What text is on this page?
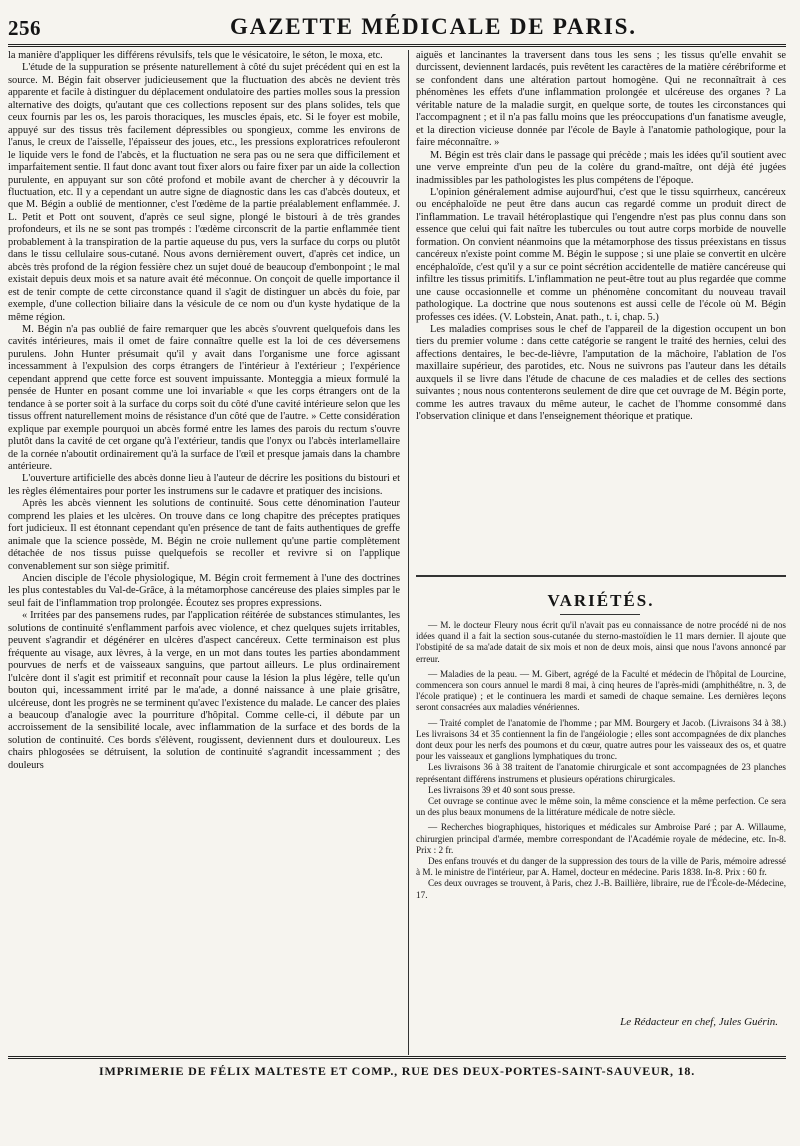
256	GAZETTE MÉDICALE DE PARIS.

la manière d'appliquer les différens révulsifs, tels que le vésicatoire, le séton, le moxa, etc.

L'étude de la suppuration se présente naturellement à côté du sujet précédent qui en est la source. M. Bégin fait observer judicieusement que la fluctuation des abcès ne devient très apparente et facile à distinguer du déplacement ondulatoire des parties molles sous la pression alternative des doigts, qu'autant que ces collections reposent sur des plans solides, tels que ceux fournis par les os, les parois thoraciques, les muscles épais, etc. Si le foyer est mobile, appuyé sur des tissus très facilement dépressibles ou spongieux, comme les environs de l'anus, le creux de l'aisselle, l'épaisseur des joues, etc., les pressions exploratrices refouleront le liquide vers le fond de l'abcès, et la fluctuation ne sera pas ou ne sera que difficilement et imparfaitement sentie. Il faut donc avant tout fixer alors ou faire fixer par un aide la collection purulente, en appuyant sur son côté profond et mobile avant de chercher à y découvrir la fluctuation, etc. Il y a cependant un autre signe de diagnostic dans les cas d'abcès douteux, et que M. Bégin a oublié de mentionner, c'est l'œdème de la partie préalablement enflammée. J. L. Petit et Pott ont souvent, d'après ce seul signe, plongé le bistouri à de très grandes profondeurs, et ils ne se sont pas trompés : l'œdème circonscrit de la partie enflammée tient probablement à la transpiration de la partie aqueuse du pus, vers la surface du corps ou plutôt dans le tissu cellulaire sous-cutané. Nous avons dernièrement ouvert, d'après cet indice, un abcès très profond de la région fessière chez un sujet doué de beaucoup d'embonpoint ; le mal existait depuis deux mois et sa nature avait été méconnue. On conçoit de quelle importance il est de tenir compte de cette circonstance quand il s'agit de distinguer un abcès du foie, par exemple, d'une collection biliaire dans la vésicule de ce nom ou d'un kyste hydatique de la même région.

M. Bégin n'a pas oublié de faire remarquer que les abcès s'ouvrent quelquefois dans les cavités intérieures, mais il omet de faire connaître quelle est la loi de ces déversemens purulens. John Hunter présumait qu'il y avait dans l'organisme une force agissant incessamment à l'expulsion des corps étrangers de l'intérieur à l'extérieur ; l'expérience cependant apprend que cette force est souvent impuissante. Monteggia a mieux formulé la pensée de Hunter en posant comme une loi invariable « que les corps étrangers ont de la tendance à se porter soit à la surface du corps soit du côté d'une cavité intérieure selon que les tissus offrent naturellement moins de résistance d'un côté que de l'autre. » Cette considération explique par exemple pourquoi un abcès formé entre les lames des parois du rectum s'ouvre plutôt dans la cavité de cet organe qu'à l'extérieur, tandis que l'onyx ou l'abcès interlamellaire de la cornée n'aboutit ordinairement qu'à la surface de l'œil et presque jamais dans la chambre antérieure.

L'ouverture artificielle des abcès donne lieu à l'auteur de décrire les positions du bistouri et les règles élémentaires pour porter les instrumens sur le cadavre et pratiquer des incisions.

Après les abcès viennent les solutions de continuité. Sous cette dénomination l'auteur comprend les plaies et les ulcères. On trouve dans ce long chapitre des préceptes pratiques fort judicieux. Il est étonnant cependant qu'en présence de tant de faits authentiques de greffe animale que la science possède, M. Bégin ne croie nullement qu'une partie complètement détachée de nos tissus puisse quelquefois se recoller et revivre si on l'applique convenablement sur son siège primitif.

Ancien disciple de l'école physiologique, M. Bégin croit fermement à l'une des doctrines les plus contestables du Val-de-Grâce, à la métamorphose cancéreuse des plaies simples par le seul fait de l'inflammation trop prolongée. Écoutez ses propres expressions.

« Irritées par des pansemens rudes, par l'application réitérée de substances stimulantes, les solutions de continuité s'enflamment parfois avec violence, et chez quelques sujets irritables, peuvent s'agrandir et dégénérer en ulcères d'aspect cancéreux. Cette terminaison est plus fréquente au visage, aux lèvres, à la verge, en un mot dans toutes les parties abondamment pourvues de nerfs et de vaisseaux sanguins, que partout ailleurs. Le plus ordinairement l'ulcère dont il s'agit est primitif et reconnaît pour cause la lésion la plus légère, telle qu'un bouton qui, incessamment irrité par le ma'ade, a donné naissance à une plaie grisâtre, ulcéreuse, dont les progrès ne se terminent qu'avec l'existence du malade. Le cancer des plaies a beaucoup d'analogie avec la pourriture d'hôpital. Comme celle-ci, il débute par un accroissement de la sensibilité locale, avec inflammation de la surface et des bords de la solution de continuité. Ces bords s'élèvent, rougissent, deviennent durs et douloureux. Les chairs phlogosées se détruisent, la solution de continuité s'agrandit incessamment ; des douleurs

aiguës et lancinantes la traversent dans tous les sens ; les tissus qu'elle envahit se durcissent, deviennent lardacés, puis revêtent les caractères de la matière cérébriforme et se confondent dans une altération partout homogène. Qui ne reconnaîtrait à ces phénomènes les effets d'une inflammation prolongée et ulcéreuse des organes ? La véritable nature de la maladie surgit, en quelque sorte, de toutes les circonstances qui l'accompagnent ; et il n'a pas fallu moins que les préoccupations d'un fanatisme aveugle, et la direction vicieuse donnée par l'école de Bayle à l'anatomie pathologique, pour la faire méconnaître. »

M. Bégin est très clair dans le passage qui précède ; mais les idées qu'il soutient avec une verve empreinte d'un peu de la colère du grand-maître, ont déjà été jugées inadmissibles par les pathologistes les plus compétens de l'époque.

L'opinion généralement admise aujourd'hui, c'est que le tissu squirrheux, cancéreux ou encéphaloïde ne peut être dans aucun cas regardé comme un produit direct de l'inflammation. Le travail hétéroplastique qui l'engendre n'est pas plus connu dans son essence que celui qui fait naître les tubercules ou tout autre corps morbide de nouvelle formation. On convient néanmoins que la métamorphose des tissus préexistans en tissus cancéreux n'existe point comme M. Bégin le suppose ; si une plaie se convertit en ulcère encéphaloïde, c'est qu'il y a sur ce point sécrétion accidentelle de matière cancéreuse qui infiltre les tissus primitifs. L'inflammation ne peut-être tout au plus regardée que comme une cause occasionnelle et comme un phénomène concomitant du nouveau travail pathologique. La doctrine que nous soutenons est aussi celle de l'école où M. Bégin professes ces idées. (V. Lobstein, Anat. path., t. i, chap. 5.)

Les maladies comprises sous le chef de l'appareil de la digestion occupent un bon tiers du premier volume : dans cette catégorie se rangent le traité des hernies, celui des affections dentaires, le bec-de-lièvre, l'amputation de la mâchoire, l'ablation de l'os maxillaire supérieur, des parotides, etc. Nous ne suivrons pas l'auteur dans les détails auxquels il se livre dans l'étude de chacune de ces maladies et de celles des sections suivantes ; nous nous contenterons seulement de dire que cet ouvrage de M. Bégin porte, comme les autres travaux du même auteur, le cachet de l'homme consommé dans l'observation clinique et dans l'enseignement théorique et pratique.

VARIÉTÉS.

— M. le docteur Fleury nous écrit qu'il n'avait pas eu connaissance de notre procédé ni de nos idées quand il a fait la section sous-cutanée du sterno-mastoïdien le 11 mars dernier. Il ajoute que l'obstipité de sa ma'ade datait de six mois et non de deux mois, ainsi que nous l'avons annoncé par erreur.

— Maladies de la peau. — M. Gibert, agrégé de la Faculté et médecin de l'hôpital de Lourcine, commencera son cours annuel le mardi 8 mai, à cinq heures de l'après-midi (amphithéâtre, n. 3, de l'école pratique) ; et le continuera les mardi et samedi de chaque semaine. Les dernières leçons seront consacrées aux maladies vénériennes.

— Traité complet de l'anatomie de l'homme ; par MM. Bourgery et Jacob. (Livraisons 34 à 38.) Les livraisons 34 et 35 contiennent la fin de l'angéiologie ; elles sont accompagnées de dix planches dont deux pour les nerfs des poumons et du cœur, quatre autres pour les vaisseaux des os, et quatre pour les vaisseaux et ganglions lymphatiques du tronc.

Les livraisons 36 à 38 traitent de l'anatomie chirurgicale et sont accompagnées de 23 planches représentant différens instrumens et plusieurs opérations chirurgicales.

Les livraisons 39 et 40 sont sous presse.

Cet ouvrage se continue avec le même soin, la même conscience et la même perfection. Ce sera un des plus beaux monumens de la littérature médicale de notre siècle.

— Recherches biographiques, historiques et médicales sur Ambroise Paré ; par A. Willaume, chirurgien principal d'armée, membre correspondant de l'Académie royale de médecine, etc. In-8. Prix : 2 fr.

Des enfans trouvés et du danger de la suppression des tours de la ville de Paris, mémoire adressé à M. le ministre de l'intérieur, par A. Hamel, docteur en médecine. Paris 1838. In-8. Prix : 60 fr.

Ces deux ouvrages se trouvent, à Paris, chez J.-B. Baillière, libraire, rue de l'École-de-Médecine, 17.

Le Rédacteur en chef, Jules Guérin.
IMPRIMERIE DE FÉLIX MALTESTE ET COMP., RUE DES DEUX-PORTES-SAINT-SAUVEUR, 18.
